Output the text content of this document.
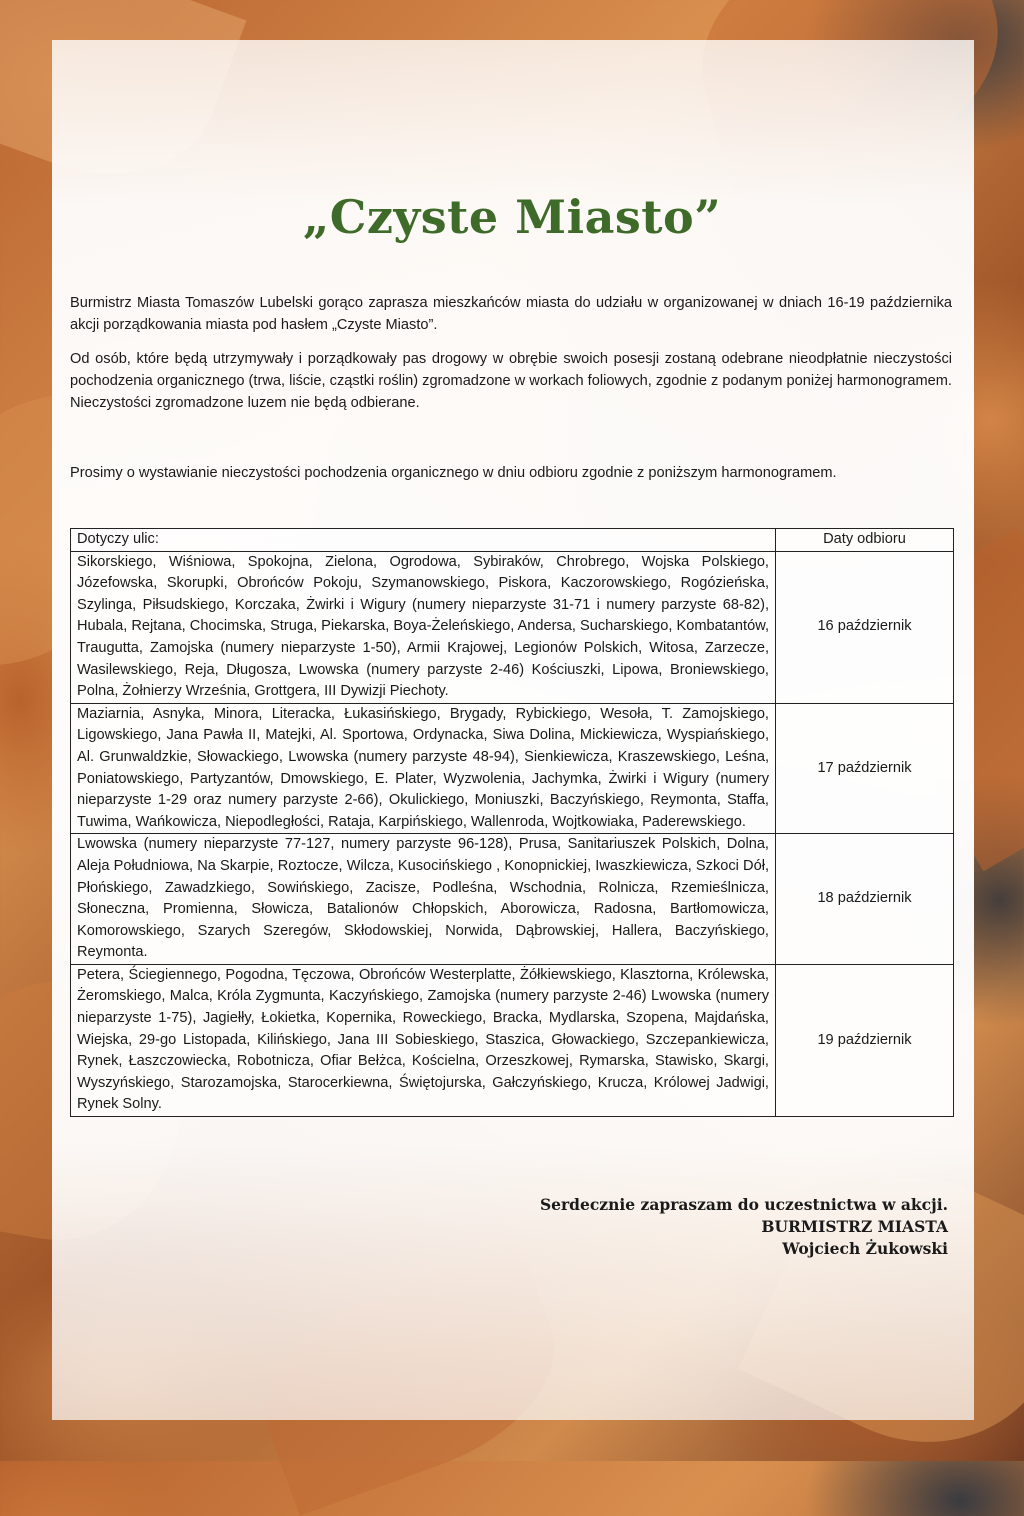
„Czyste Miasto”

Burmistrz Miasta Tomaszów Lubelski gorąco zaprasza mieszkańców miasta do udziału w organizowanej w dniach 16-19 października akcji porządkowania miasta pod hasłem „Czyste Miasto”.

Od osób, które będą utrzymywały i porządkowały pas drogowy w obrębie swoich posesji zostaną odebrane nieodpłatnie nieczystości pochodzenia organicznego (trwa, liście, cząstki roślin) zgromadzone w workach foliowych, zgodnie z podanym poniżej harmonogramem. Nieczystości zgromadzone luzem nie będą odbierane.

Prosimy o wystawianie nieczystości pochodzenia organicznego w dniu odbioru zgodnie z poniższym harmonogramem.

Dotyczy ulic:	Daty odbioru
Sikorskiego, Wiśniowa, Spokojna, Zielona, Ogrodowa, Sybiraków, Chrobrego, Wojska Polskiego, Józefowska, Skorupki, Obrońców Pokoju, Szymanowskiego, Piskora, Kaczorowskiego, Rogózieńska, Szylinga, Piłsudskiego, Korczaka, Żwirki i Wigury (numery nieparzyste 31-71 i numery parzyste 68-82), Hubala, Rejtana, Chocimska, Struga, Piekarska, Boya-Żeleńskiego, Andersa, Sucharskiego, Kombatantów, Traugutta, Zamojska (numery nieparzyste 1-50), Armii Krajowej, Legionów Polskich, Witosa, Zarzecze, Wasilewskiego, Reja, Długosza, Lwowska (numery parzyste 2-46) Kościuszki, Lipowa, Broniewskiego, Polna, Żołnierzy Września, Grottgera, III Dywizji Piechoty.	16 październik
Maziarnia, Asnyka, Minora, Literacka, Łukasińskiego, Brygady, Rybickiego, Wesoła, T. Zamojskiego, Ligowskiego, Jana Pawła II, Matejki, Al. Sportowa, Ordynacka, Siwa Dolina, Mickiewicza, Wyspiańskiego, Al. Grunwaldzkie, Słowackiego, Lwowska (numery parzyste 48-94), Sienkiewicza, Kraszewskiego, Leśna, Poniatowskiego, Partyzantów, Dmowskiego, E. Plater, Wyzwolenia, Jachymka, Żwirki i Wigury (numery nieparzyste 1-29 oraz numery parzyste 2-66), Okulickiego, Moniuszki, Baczyńskiego, Reymonta, Staffa, Tuwima, Wańkowicza, Niepodległości, Rataja, Karpińskiego, Wallenroda, Wojtkowiaka, Paderewskiego.	17 październik
Lwowska (numery nieparzyste 77-127, numery parzyste 96-128), Prusa, Sanitariuszek Polskich, Dolna, Aleja Południowa, Na Skarpie, Roztocze, Wilcza, Kusocińskiego , Konopnickiej, Iwaszkiewicza, Szkoci Dół, Płońskiego, Zawadzkiego, Sowińskiego, Zacisze, Podleśna, Wschodnia, Rolnicza, Rzemieślnicza, Słoneczna, Promienna, Słowicza, Batalionów Chłopskich, Aborowicza, Radosna, Bartłomowicza, Komorowskiego, Szarych Szeregów, Skłodowskiej, Norwida, Dąbrowskiej, Hallera, Baczyńskiego, Reymonta.	18 październik
Petera, Ściegiennego, Pogodna, Tęczowa, Obrońców Westerplatte, Żółkiewskiego, Klasztorna, Królewska, Żeromskiego, Malca, Króla Zygmunta, Kaczyńskiego, Zamojska (numery parzyste 2-46) Lwowska (numery nieparzyste 1-75), Jagiełły, Łokietka, Kopernika, Roweckiego, Bracka, Mydlarska, Szopena, Majdańska, Wiejska, 29-go Listopada, Kilińskiego, Jana III Sobieskiego, Staszica, Głowackiego, Szczepankiewicza, Rynek, Łaszczowiecka, Robotnicza, Ofiar Bełżca, Kościelna, Orzeszkowej, Rymarska, Stawisko, Skargi, Wyszyńskiego, Starozamojska, Starocerkiewna, Świętojurska, Gałczyńskiego, Krucza, Królowej Jadwigi, Rynek Solny.	19 październik
Serdecznie zapraszam do uczestnictwa w akcji.
BURMISTRZ MIASTA
Wojciech Żukowski
